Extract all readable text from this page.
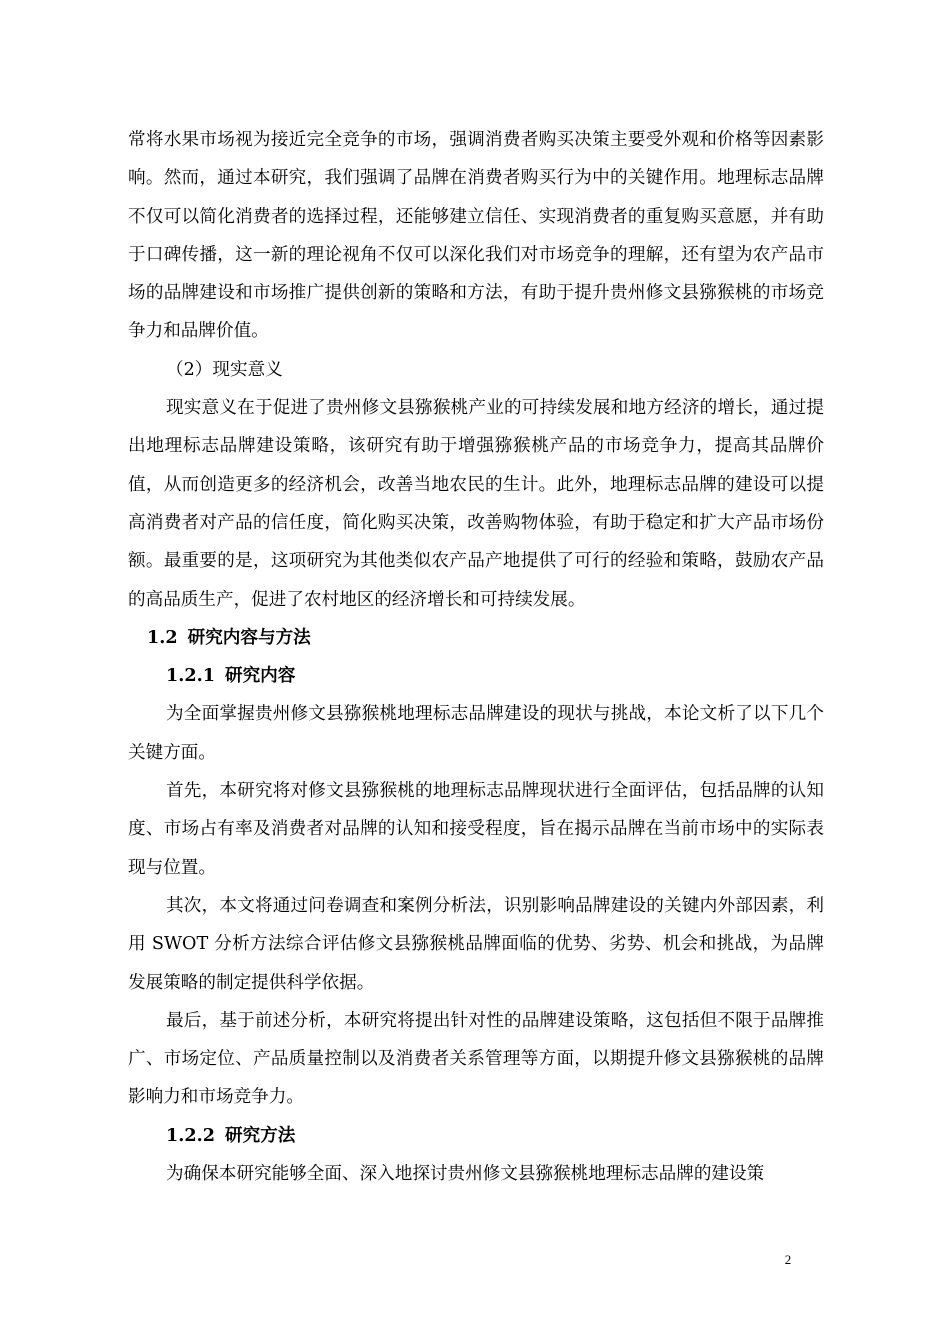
常将水果市场视为接近完全竞争的市场，强调消费者购买决策主要受外观和价格等因素影响。然而，通过本研究，我们强调了品牌在消费者购买行为中的关键作用。地理标志品牌不仅可以简化消费者的选择过程，还能够建立信任、实现消费者的重复购买意愿，并有助于口碑传播，这一新的理论视角不仅可以深化我们对市场竞争的理解，还有望为农产品市场的品牌建设和市场推广提供创新的策略和方法，有助于提升贵州修文县猕猴桃的市场竞争力和品牌价值。

（2）现实意义

现实意义在于促进了贵州修文县猕猴桃产业的可持续发展和地方经济的增长，通过提出地理标志品牌建设策略，该研究有助于增强猕猴桃产品的市场竞争力，提高其品牌价值，从而创造更多的经济机会，改善当地农民的生计。此外，地理标志品牌的建设可以提高消费者对产品的信任度，简化购买决策，改善购物体验，有助于稳定和扩大产品市场份额。最重要的是，这项研究为其他类似农产品产地提供了可行的经验和策略，鼓励农产品的高品质生产，促进了农村地区的经济增长和可持续发展。

1.2 研究内容与方法

1.2.1 研究内容

为全面掌握贵州修文县猕猴桃地理标志品牌建设的现状与挑战，本论文析了以下几个关键方面。

首先，本研究将对修文县猕猴桃的地理标志品牌现状进行全面评估，包括品牌的认知度、市场占有率及消费者对品牌的认知和接受程度，旨在揭示品牌在当前市场中的实际表现与位置。

其次，本文将通过问卷调查和案例分析法，识别影响品牌建设的关键内外部因素，利用 SWOT 分析方法综合评估修文县猕猴桃品牌面临的优势、劣势、机会和挑战，为品牌发展策略的制定提供科学依据。

最后，基于前述分析，本研究将提出针对性的品牌建设策略，这包括但不限于品牌推广、市场定位、产品质量控制以及消费者关系管理等方面，以期提升修文县猕猴桃的品牌影响力和市场竞争力。

1.2.2 研究方法

为确保本研究能够全面、深入地探讨贵州修文县猕猴桃地理标志品牌的建设策

2
